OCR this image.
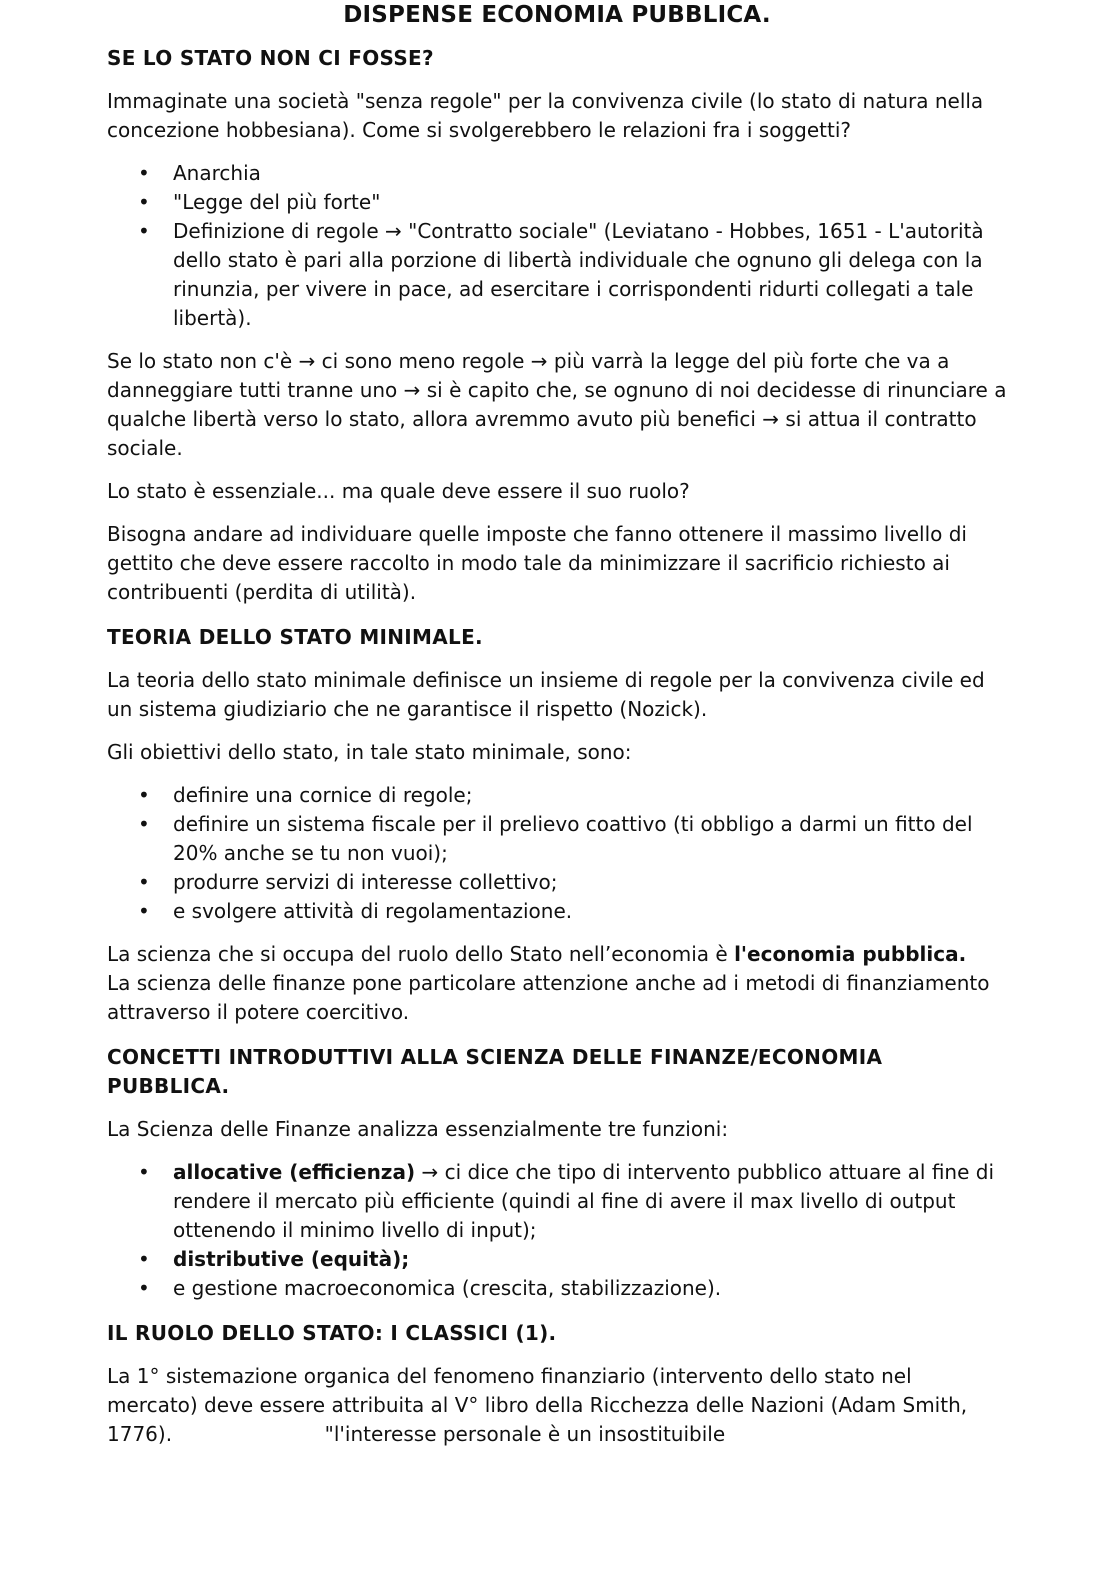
DISPENSE ECONOMIA PUBBLICA.
SE LO STATO NON CI FOSSE?

Immaginate una società "senza regole" per la convivenza civile (lo stato di natura nella concezione hobbesiana). Come si svolgerebbero le relazioni fra i soggetti?

• Anarchia
• "Legge del più forte"
• Definizione di regole → "Contratto sociale" (Leviatano - Hobbes, 1651 - L'autorità dello stato è pari alla porzione di libertà individuale che ognuno gli delega con la rinunzia, per vivere in pace, ad esercitare i corrispondenti ridurti collegati a tale libertà).

Se lo stato non c'è → ci sono meno regole → più varrà la legge del più forte che va a danneggiare tutti tranne uno → si è capito che, se ognuno di noi decidesse di rinunciare a qualche libertà verso lo stato, allora avremmo avuto più benefici → si attua il contratto sociale.

Lo stato è essenziale... ma quale deve essere il suo ruolo?

Bisogna andare ad individuare quelle imposte che fanno ottenere il massimo livello di gettito che deve essere raccolto in modo tale da minimizzare il sacrificio richiesto ai contribuenti (perdita di utilità).

TEORIA DELLO STATO MINIMALE.

La teoria dello stato minimale definisce un insieme di regole per la convivenza civile ed un sistema giudiziario che ne garantisce il rispetto (Nozick).

Gli obiettivi dello stato, in tale stato minimale, sono:

• definire una cornice di regole;
• definire un sistema fiscale per il prelievo coattivo (ti obbligo a darmi un fitto del 20% anche se tu non vuoi);
• produrre servizi di interesse collettivo;
• e svolgere attività di regolamentazione.

La scienza che si occupa del ruolo dello Stato nell’economia è l'economia pubblica.                     La scienza delle finanze pone particolare attenzione anche ad i metodi di finanziamento attraverso il potere coercitivo.

CONCETTI INTRODUTTIVI ALLA SCIENZA DELLE FINANZE/ECONOMIA PUBBLICA.

La Scienza delle Finanze analizza essenzialmente tre funzioni:

• allocative (efficienza) → ci dice che tipo di intervento pubblico attuare al fine di rendere il mercato più efficiente (quindi al fine di avere il max livello di output ottenendo il minimo livello di input);
• distributive (equità);
• e gestione macroeconomica (crescita, stabilizzazione).
IL RUOLO DELLO STATO: I CLASSICI (1).

La 1° sistemazione organica del fenomeno finanziario (intervento dello stato nel mercato) deve essere attribuita al V° libro della Ricchezza delle Nazioni (Adam Smith, 1776).                        "l'interesse personale è un insostituibile
